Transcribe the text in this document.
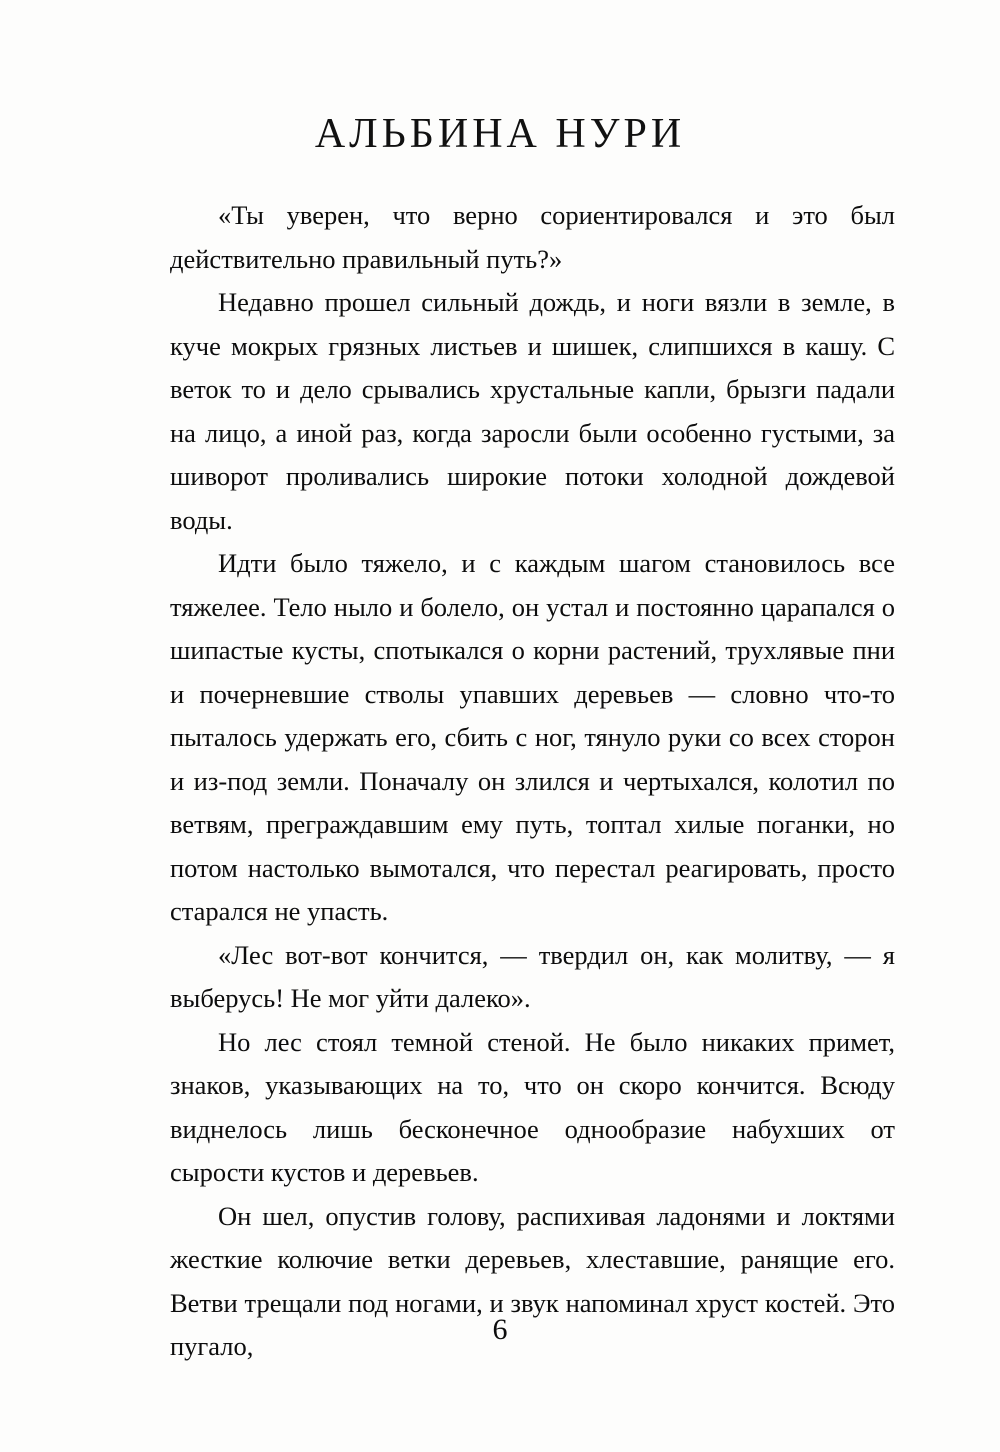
АЛЬБИНА НУРИ

«Ты уверен, что верно сориентировался и это был действительно правильный путь?»

Недавно прошел сильный дождь, и ноги вязли в земле, в куче мокрых грязных листьев и шишек, слипшихся в кашу. С веток то и дело срывались хрустальные капли, брызги падали на лицо, а иной раз, когда заросли были особенно густыми, за шиворот проливались широкие потоки холодной дождевой воды.

Идти было тяжело, и с каждым шагом становилось все тяжелее. Тело ныло и болело, он устал и постоянно царапался о шипастые кусты, спотыкался о корни растений, трухлявые пни и почерневшие стволы упавших деревьев — словно что-то пыталось удержать его, сбить с ног, тянуло руки со всех сторон и из-под земли. Поначалу он злился и чертыхался, колотил по ветвям, преграждавшим ему путь, топтал хилые поганки, но потом настолько вымотался, что перестал реагировать, просто старался не упасть.

«Лес вот-вот кончится, — твердил он, как молитву, — я выберусь! Не мог уйти далеко».

Но лес стоял темной стеной. Не было никаких примет, знаков, указывающих на то, что он скоро кончится. Всюду виднелось лишь бесконечное однообразие набухших от сырости кустов и деревьев.

Он шел, опустив голову, распихивая ладонями и локтями жесткие колючие ветки деревьев, хлеставшие, ранящие его. Ветви трещали под ногами, и звук напоминал хруст костей. Это пугало,	6
